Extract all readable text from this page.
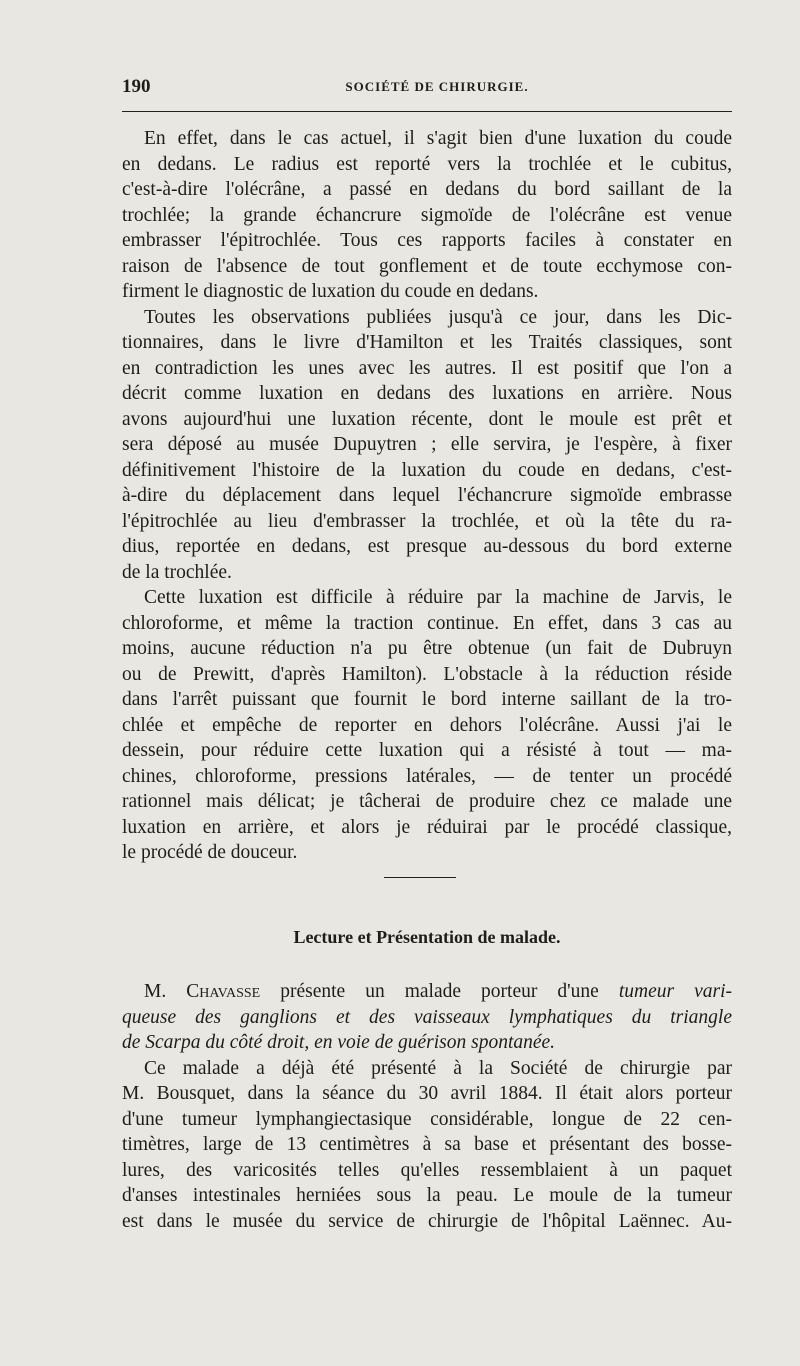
190	SOCIÉTÉ DE CHIRURGIE.
En effet, dans le cas actuel, il s'agit bien d'une luxation du coude
en dedans. Le radius est reporté vers la trochlée et le cubitus,
c'est-à-dire l'olécrâne, a passé en dedans du bord saillant de la
trochlée; la grande échancrure sigmoïde de l'olécrâne est venue
embrasser l'épitrochlée. Tous ces rapports faciles à constater en
raison de l'absence de tout gonflement et de toute ecchymose con-
firment le diagnostic de luxation du coude en dedans.
Toutes les observations publiées jusqu'à ce jour, dans les Dic-
tionnaires, dans le livre d'Hamilton et les Traités classiques, sont
en contradiction les unes avec les autres. Il est positif que l'on a
décrit comme luxation en dedans des luxations en arrière. Nous
avons aujourd'hui une luxation récente, dont le moule est prêt et
sera déposé au musée Dupuytren ; elle servira, je l'espère, à fixer
définitivement l'histoire de la luxation du coude en dedans, c'est-
à-dire du déplacement dans lequel l'échancrure sigmoïde embrasse
l'épitrochlée au lieu d'embrasser la trochlée, et où la tête du ra-
dius, reportée en dedans, est presque au-dessous du bord externe
de la trochlée.
Cette luxation est difficile à réduire par la machine de Jarvis, le
chloroforme, et même la traction continue. En effet, dans 3 cas au
moins, aucune réduction n'a pu être obtenue (un fait de Dubruyn
ou de Prewitt, d'après Hamilton). L'obstacle à la réduction réside
dans l'arrêt puissant que fournit le bord interne saillant de la tro-
chlée et empêche de reporter en dehors l'olécrâne. Aussi j'ai le
dessein, pour réduire cette luxation qui a résisté à tout — ma-
chines, chloroforme, pressions latérales, — de tenter un procédé
rationnel mais délicat; je tâcherai de produire chez ce malade une
luxation en arrière, et alors je réduirai par le procédé classique,
le procédé de douceur.
Lecture et Présentation de malade.
M. Chavasse présente un malade porteur d'une tumeur vari-
queuse des ganglions et des vaisseaux lymphatiques du triangle
de Scarpa du côté droit, en voie de guérison spontanée.
Ce malade a déjà été présenté à la Société de chirurgie par
M. Bousquet, dans la séance du 30 avril 1884. Il était alors porteur
d'une tumeur lymphangiectasique considérable, longue de 22 cen-
timètres, large de 13 centimètres à sa base et présentant des bosse-
lures, des varicosités telles qu'elles ressemblaient à un paquet
d'anses intestinales herniées sous la peau. Le moule de la tumeur
est dans le musée du service de chirurgie de l'hôpital Laënnec. Au-
